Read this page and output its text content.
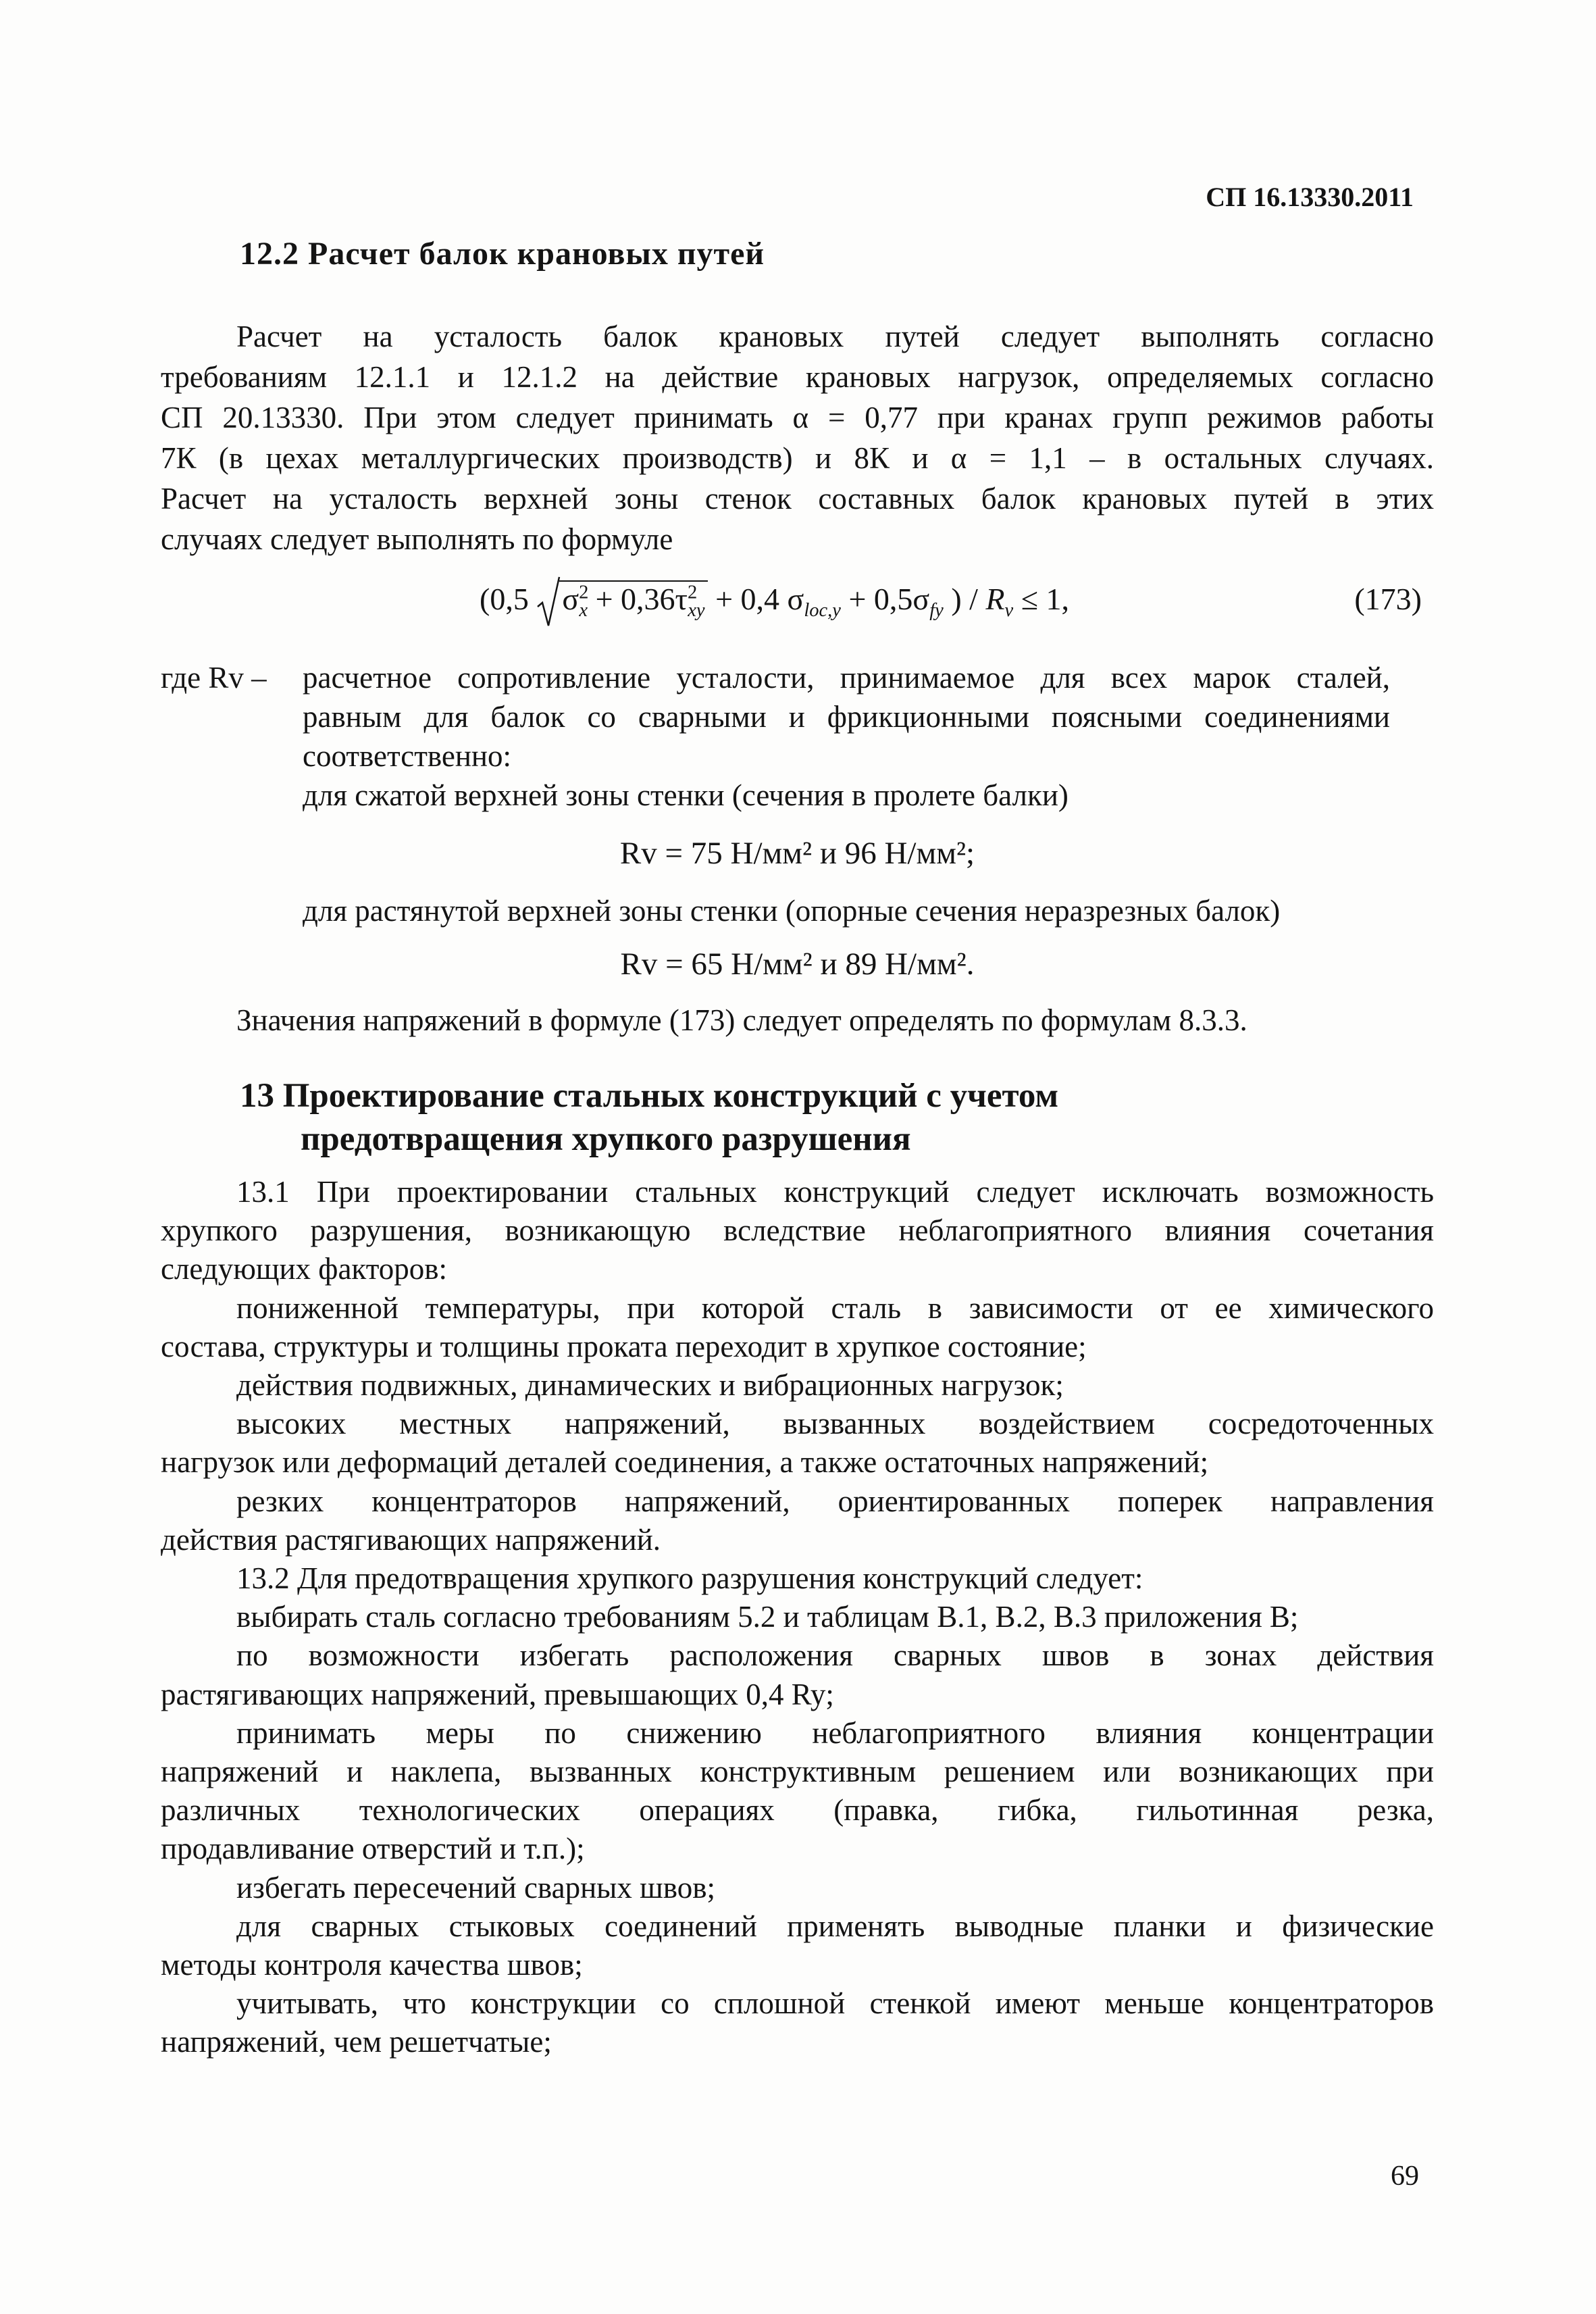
СП 16.13330.2011
12.2 Расчет балок крановых путей
Расчет на усталость балок крановых путей следует выполнять согласно
требованиям 12.1.1 и 12.1.2 на действие крановых нагрузок, определяемых согласно
СП 20.13330. При этом следует принимать α = 0,77 при кранах групп режимов работы
7К (в цехах металлургических производств) и 8К и α = 1,1 – в остальных случаях.
Расчет на усталость верхней зоны стенок составных балок крановых путей в этих
случаях следует выполнять по формуле
(0,5
$\sigma^2_x + 0,36\tau^2_{xy} + 0,4$ $\sigma_{loc,y} + 0,5\sigma_{fy}$ ) / $R_v \le 1$,	(173)
где Rv – расчетное сопротивление усталости, принимаемое для всех марок сталей,
равным для балок со сварными и фрикционными поясными соединениями
соответственно:
для сжатой верхней зоны стенки (сечения в пролете балки)
Rv = 75 Н/мм² и 96 Н/мм²;
для растянутой верхней зоны стенки (опорные сечения неразрезных балок)
Rv = 65 Н/мм² и 89 Н/мм².
Значения напряжений в формуле (173) следует определять по формулам 8.3.3.
13 Проектирование стальных конструкций с учетом
предотвращения хрупкого разрушения
13.1 При проектировании стальных конструкций следует исключать возможность
хрупкого разрушения, возникающую вследствие неблагоприятного влияния сочетания
следующих факторов:
пониженной температуры, при которой сталь в зависимости от ее химического
состава, структуры и толщины проката переходит в хрупкое состояние;
действия подвижных, динамических и вибрационных нагрузок;
высоких местных напряжений, вызванных воздействием сосредоточенных
нагрузок или деформаций деталей соединения, а также остаточных напряжений;
резких концентраторов напряжений, ориентированных поперек направления
действия растягивающих напряжений.
13.2 Для предотвращения хрупкого разрушения конструкций следует:
выбирать сталь согласно требованиям 5.2 и таблицам В.1, В.2, В.3 приложения В;
по возможности избегать расположения сварных швов в зонах действия
растягивающих напряжений, превышающих 0,4 Ry;
принимать меры по снижению неблагоприятного влияния концентрации
напряжений и наклепа, вызванных конструктивным решением или возникающих при
различных технологических операциях (правка, гибка, гильотинная резка,
продавливание отверстий и т.п.);
избегать пересечений сварных швов;
для сварных стыковых соединений применять выводные планки и физические
методы контроля качества швов;
учитывать, что конструкции со сплошной стенкой имеют меньше концентраторов
напряжений, чем решетчатые;
69
